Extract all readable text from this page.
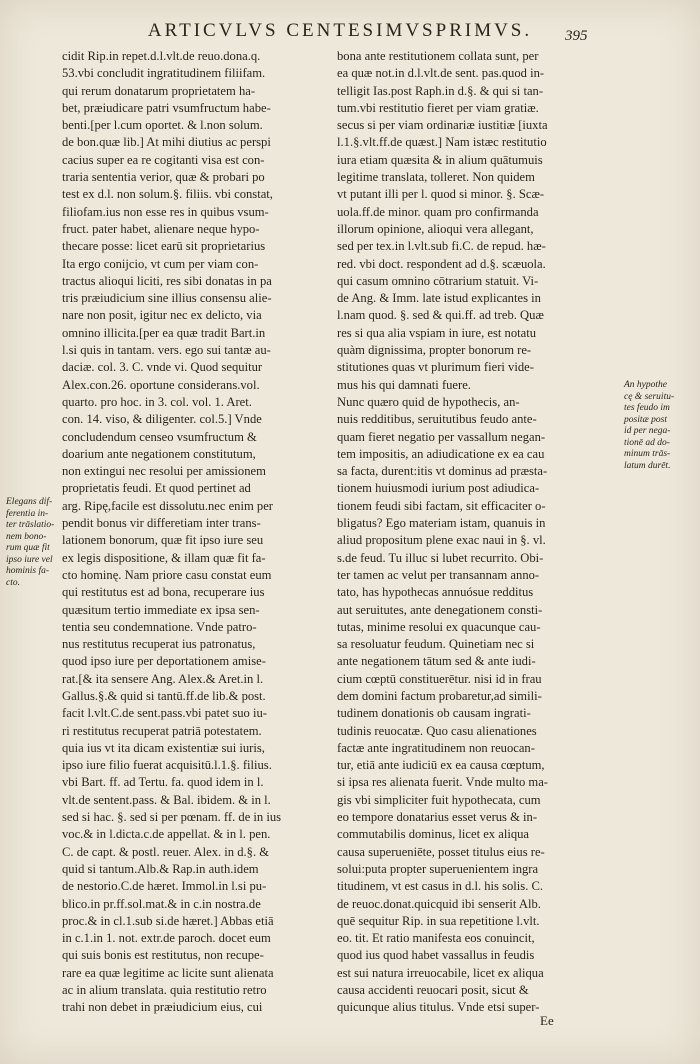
ARTICVLVS CENTESIMVSPRIMVS.	395
cidit Rip.in repet.d.l.vlt.de reuo.dona.q.
53.vbi concludit ingratitudinem filiifam.
qui rerum donatarum proprietatem ha-
bet, præiudicare patri vsumfructum habe-
benti.[per l.cum oportet. & l.non solum.
de bon.quæ lib.] At mihi diutius ac perspi
cacius super ea re cogitanti visa est con-
traria sententia verior, quæ & probari po
test ex d.l. non solum.§. filiis. vbi constat,
filiofam.ius non esse res in quibus vsum-
fruct. pater habet, alienare neque hypo-
thecare posse: licet earū sit proprietarius
Ita ergo conijcio, vt cum per viam con-
tractus alioqui liciti, res sibi donatas in pa
tris præiudicium sine illius consensu alie-
nare non posit, igitur nec ex delicto, via
omnino illicita.[per ea quæ tradit Bart.in
l.si quis in tantam. vers. ego sui tantæ au-
daciæ. col. 3. C. vnde vi. Quod sequitur
Alex.con.26. oportune considerans.vol.
quarto. pro hoc. in 3. col. vol. 1. Aret.
con. 14. viso, & diligenter. col.5.] Vnde
concludendum censeo vsumfructum &
doarium ante negationem constitutum,
non extingui nec resolui per amissionem
proprietatis feudi. Et quod pertinet ad
arg. Ripę,facile est dissolutu.nec enim per
pendit bonus vir differetiam inter trans-
lationem bonorum, quæ fit ipso iure seu
ex legis dispositione, & illam quæ fit fa-
cto hominę. Nam priore casu constat eum
qui restitutus est ad bona, recuperare ius
quæsitum tertio immediate ex ipsa sen-
tentia seu condemnatione. Vnde patro-
nus restitutus recuperat ius patronatus,
quod ipso iure per deportationem amise-
rat.[& ita sensere Ang. Alex.& Aret.in l.
Gallus.§.& quid si tantū.ff.de lib.& post.
facit l.vlt.C.de sent.pass.vbi patet suo iu-
ri restitutus recuperat patriā potestatem.
quia ius vt ita dicam existentiæ sui iuris,
ipso iure filio fuerat acquisitū.l.1.§. filius.
vbi Bart. ff. ad Tertu. fa. quod idem in l.
vlt.de sentent.pass. & Bal. ibidem. & in l.
sed si hac. §. sed si per pœnam. ff. de in ius
voc.& in l.dicta.c.de appellat. & in l. pen.
C. de capt. & postl. reuer. Alex. in d.§. &
quid si tantum.Alb.& Rap.in auth.idem
de nestorio.C.de hæret. Immol.in l.si pu-
blico.in pr.ff.sol.mat.& in c.in nostra.de
proc.& in cl.1.sub si.de hæret.] Abbas etiā
in c.1.in 1. not. extr.de paroch. docet eum
qui suis bonis est restitutus, non recupe-
rare ea quæ legitime ac licite sunt alienata
ac in alium translata. quia restitutio retro
trahi non debet in præiudicium eius, cui
bona ante restitutionem collata sunt, per
ea quæ not.in d.l.vlt.de sent. pas.quod in-
telligit Ias.post Raph.in d.§. & qui si tan-
tum.vbi restitutio fieret per viam gratiæ.
secus si per viam ordinariæ iustitiæ [iuxta
l.1.§.vlt.ff.de quæst.] Nam istæc restitutio
iura etiam quæsita & in alium quātumuis
legitime translata, tolleret. Non quidem
vt putant illi per l. quod si minor. §. Scæ-
uola.ff.de minor. quam pro confirmanda
illorum opinione, alioqui vera allegant,
sed per tex.in l.vlt.sub fi.C. de repud. hæ-
red. vbi doct. respondent ad d.§. scæuola.
qui casum omnino cōtrarium statuit. Vi-
de Ang. & Imm. late istud explicantes in
l.nam quod. §. sed & qui.ff. ad treb. Quæ
res si qua alia vspiam in iure, est notatu
quàm dignissima, propter bonorum re-
stitutiones quas vt plurimum fieri vide-
mus his qui damnati fuere.
Nunc quæro quid de hypothecis, an-
nuis redditibus, seruitutibus feudo ante-
quam fieret negatio per vassallum negan-
tem impositis, an adiudicatione ex ea cau
sa facta, durent:itis vt dominus ad præsta-
tionem huiusmodi iurium post adiudica-
tionem feudi sibi factam, sit efficaciter o-
bligatus? Ego materiam istam, quanuis in
aliud propositum plene exac naui in §. vl.
s.de feud. Tu illuc si lubet recurrito. Obi-
ter tamen ac velut per transannam anno-
tato, has hypothecas annuósue redditus
aut seruitutes, ante denegationem consti-
tutas, minime resolui ex quacunque cau-
sa resoluatur feudum. Quinetiam nec si
ante negationem tātum sed & ante iudi-
cium cœptū constituerētur. nisi id in frau
dem domini factum probaretur,ad simili-
tudinem donationis ob causam ingrati-
tudinis reuocatæ. Quo casu alienationes
factæ ante ingratitudinem non reuocan-
tur, etiā ante iudiciū ex ea causa cœptum,
si ipsa res alienata fuerit. Vnde multo ma-
gis vbi simpliciter fuit hypothecata, cum
eo tempore donatarius esset verus & in-
commutabilis dominus, licet ex aliqua
causa superueniēte, posset titulus eius re-
solui:puta propter superuenientem ingra
titudinem, vt est casus in d.l. his solis. C.
de reuoc.donat.quicquid ibi senserit Alb.
quē sequitur Rip. in sua repetitione l.vlt.
eo. tit. Et ratio manifesta eos conuincit,
quod ius quod habet vassallus in feudis
est sui natura irreuocabile, licet ex aliqua
causa accidenti reuocari posit, sicut &
quicunque alius titulus. Vnde etsi super-
Elegans dif-
ferentia in-
ter trāslatio-
nem bono-
rum quæ fit
ipso iure vel
hominis fa-
cto.
An hypothe
cę & seruitu-
tes feudo im
positæ post
id per nega-
tionē ad do-
minum trās-
latum durēt.
Ee
